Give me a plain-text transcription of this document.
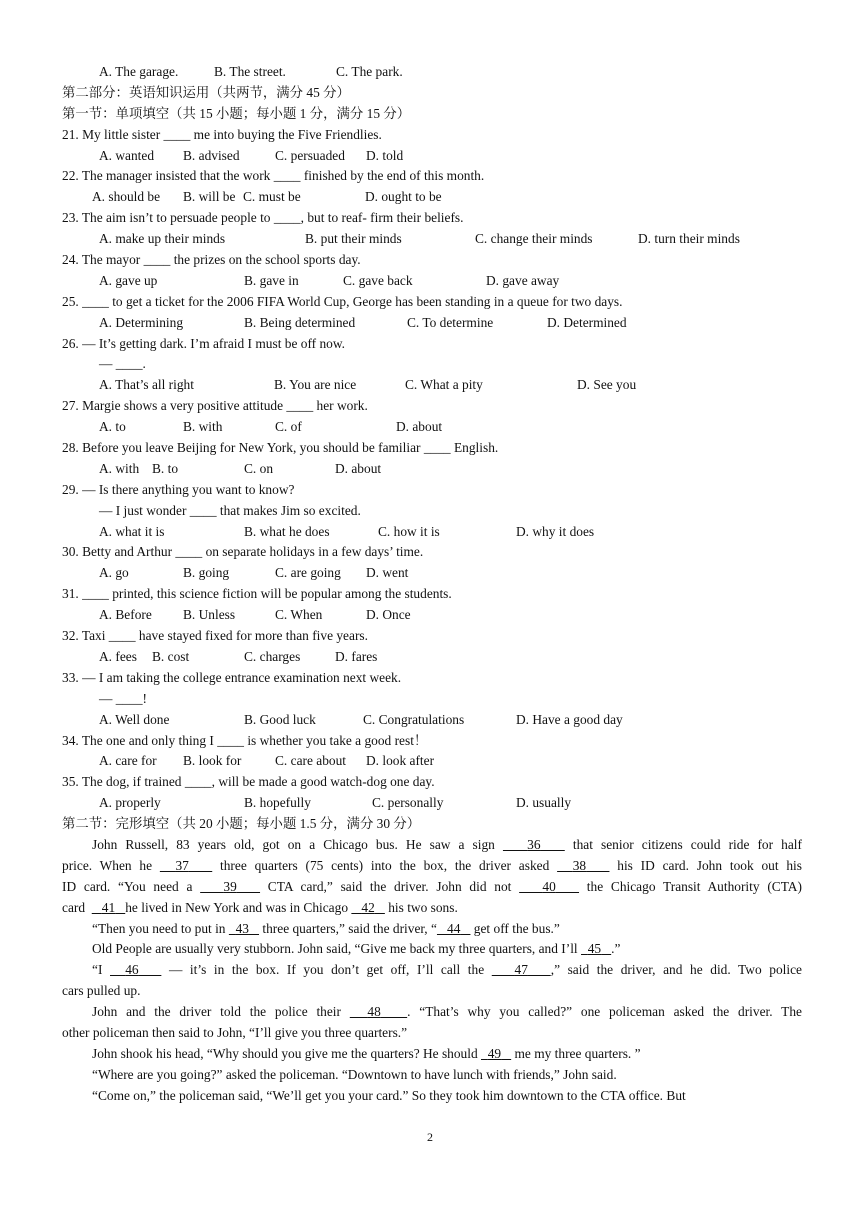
A. The garage.	B. The street.	C. The park.
第二部分：英语知识运用（共两节，满分 45 分）
第一节：单项填空（共 15 小题；每小题 1 分，满分 15 分）
21. My little sister ____ me into buying the Five Friendlies.
A. wanted B. advised	C. persuaded D. told
22. The manager insisted that the work ____ finished by the end of this month.
A. should be B. will be C. must be	D. ought to be
23. The aim isn’t to persuade people to ____, but to reaf- firm their beliefs.
A. make up their minds	B. put their minds	C. change their minds	D. turn their minds
24. The mayor ____ the prizes on the school sports day.
A. gave up	B. gave in	C. gave back	D. gave away
25. ____ to get a ticket for the 2006 FIFA World Cup, George has been standing in a queue for two days.
A. Determining	B. Being determined	C. To determine	D. Determined
26. — It’s getting dark. I’m afraid I must be off now.
— ____.
A. That’s all right	B. You are nice	C. What a pity	D. See you
27. Margie shows a very positive attitude ____ her work.
A. to	B. with	C. of	D. about
28. Before you leave Beijing for New York, you should be familiar ____ English.
A. with B. to	C. on	D. about
29. — Is there anything you want to know?
— I just wonder ____ that makes Jim so excited.
A. what it is	B. what he does	C. how it is	D. why it does
30. Betty and Arthur ____ on separate holidays in a few days’ time.
A. go	B. going	C. are going D. went
31. ____ printed, this science fiction will be popular among the students.
A. Before B. Unless	C. When	D. Once
32. Taxi ____ have stayed fixed for more than five years.
A. fees B. cost	C. charges	D. fares
33. — I am taking the college entrance examination next week.
— ____!
A. Well done	B. Good luck	C. Congratulations	D. Have a good day
34. The one and only thing I ____ is whether you take a good rest！
A. care for B. look for	C. care about D. look after
35. The dog, if trained ____, will be made a good watch-dog one day.
A. properly	B. hopefully	C. personally	D. usually
第二节：完形填空（共 20 小题；每小题 1.5 分，满分 30 分）
John Russell, 83 years old, got on a Chicago bus. He saw a sign 36 that senior citizens could ride for half
price. When he 37 three quarters (75 cents) into the box, the driver asked 38 his ID card. John took out his
ID card. “You need a 39 CTA card,” said the driver. John did not 40 the Chicago Transit Authority (CTA)
card 41 he lived in New York and was in Chicago 42 his two sons.
“Then you need to put in 43 three quarters,” said the driver, “ 44 get off the bus.”
Old People are usually very stubborn. John said, “Give me back my three quarters, and I’ll 45 .”
“I 46 — it’s in the box. If you don’t get off, I’ll call the 47 ,” said the driver, and he did. Two police
cars pulled up.
John and the driver told the police their 48 . “That’s why you called?” one policeman asked the driver. The
other policeman then said to John, “I’ll give you three quarters.”
John shook his head, “Why should you give me the quarters? He should 49 me my three quarters. ”
“Where are you going?” asked the policeman. “Downtown to have lunch with friends,” John said.
“Come on,” the policeman said, “We’ll get you your card.” So they took him downtown to the CTA office. But
2
